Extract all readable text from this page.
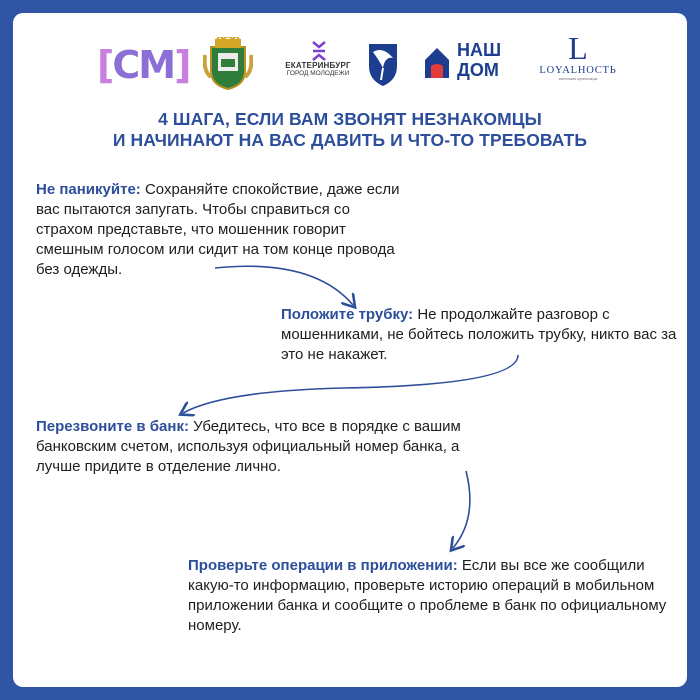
[СМ]	ЕКАТЕРИНБУРГ
ГОРОД МОЛОДЕЖИ
НАШ
ДОМ
L
LOYALНОСТЬ
маленькая организация
4 ШАГА, ЕСЛИ ВАМ ЗВОНЯТ НЕЗНАКОМЦЫ
И НАЧИНАЮТ НА ВАС ДАВИТЬ И ЧТО-ТО ТРЕБОВАТЬ
Не паникуйте: Сохраняйте спокойствие, даже если вас пытаются запугать. Чтобы справиться со страхом представьте, что мошенник говорит смешным голосом или сидит на том конце провода без одежды.
Положите трубку: Не продолжайте разговор с мошенниками, не бойтесь положить трубку, никто вас за это не накажет.
Перезвоните в банк: Убедитесь, что все в порядке с вашим банковским счетом, используя официальный номер банка, а лучше придите в отделение лично.
Проверьте операции в приложении: Если вы все же сообщили какую-то информацию, проверьте историю операций в мобильном приложении банка и сообщите о проблеме в банк по официальному номеру.
